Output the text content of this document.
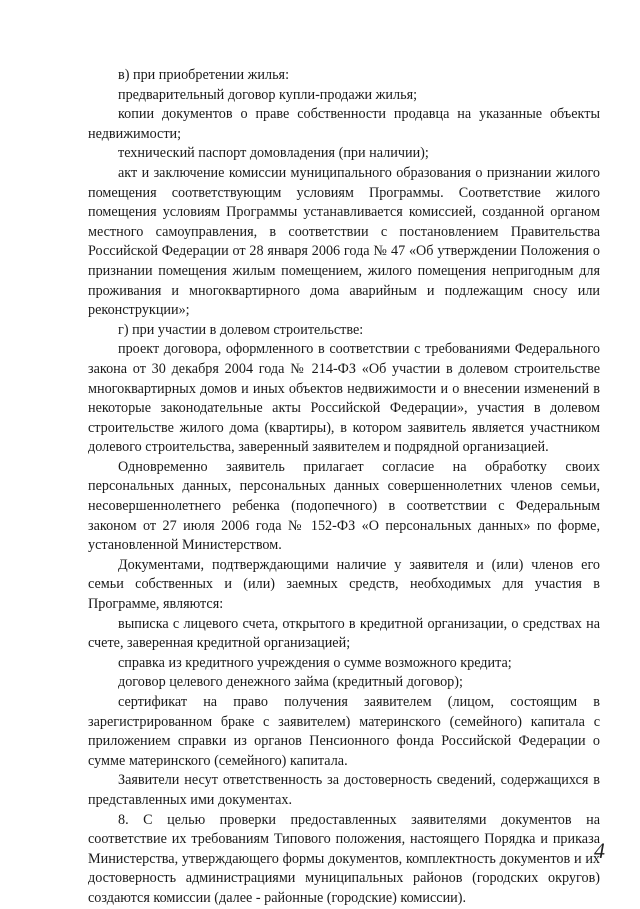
в) при приобретении жилья:

предварительный договор купли-продажи жилья;

копии документов о праве собственности продавца на указанные объекты недвижимости;

технический паспорт домовладения (при наличии);

акт и заключение комиссии муниципального образования о признании жилого помещения соответствующим условиям Программы. Соответствие жилого помещения условиям Программы устанавливается комиссией, созданной органом местного самоуправления, в соответствии с постановлением Правительства Российской Федерации от 28 января 2006 года № 47 «Об утверждении Положения о признании помещения жилым помещением, жилого помещения непригодным для проживания и многоквартирного дома аварийным и подлежащим сносу или реконструкции»;

г) при участии в долевом строительстве:

проект договора, оформленного в соответствии с требованиями Федерального закона от 30 декабря 2004 года № 214-ФЗ «Об участии в долевом строительстве многоквартирных домов и иных объектов недвижимости и о внесении изменений в некоторые законодательные акты Российской Федерации», участия в долевом строительстве жилого дома (квартиры), в котором заявитель является участником долевого строительства, заверенный заявителем и подрядной организацией.

Одновременно заявитель прилагает согласие на обработку своих персональных данных, персональных данных совершеннолетних членов семьи, несовершеннолетнего ребенка (подопечного) в соответствии с Федеральным законом от 27 июля 2006 года № 152-ФЗ «О персональных данных» по форме, установленной Министерством.

Документами, подтверждающими наличие у заявителя и (или) членов его семьи собственных и (или) заемных средств, необходимых для участия в Программе, являются:

выписка с лицевого счета, открытого в кредитной организации, о средствах на счете, заверенная кредитной организацией;

справка из кредитного учреждения о сумме возможного кредита;

договор целевого денежного займа (кредитный договор);

сертификат на право получения заявителем (лицом, состоящим в зарегистрированном браке с заявителем) материнского (семейного) капитала с приложением справки из органов Пенсионного фонда Российской Федерации о сумме материнского (семейного) капитала.

Заявители несут ответственность за достоверность сведений, содержащихся в представленных ими документах.

8. С целью проверки предоставленных заявителями документов на соответствие их требованиям Типового положения, настоящего Порядка и приказа Министерства, утверждающего формы документов, комплектность документов и их достоверность администрациями муниципальных районов (городских округов) создаются комиссии (далее - районные (городские) комиссии).

4
